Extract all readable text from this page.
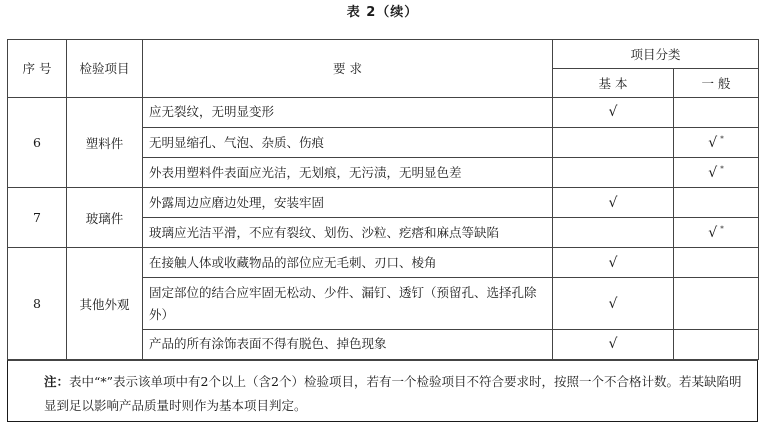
表 2（续）
序 号	检验项目	要 求	项目分类	
			基 本	一 般
6	塑料件	应无裂纹，无明显变形	√	
		无明显缩孔、气泡、杂质、伤痕		√ *
		外表用塑料件表面应光洁，无划痕，无污渍，无明显色差		√ *
7	玻璃件	外露周边应磨边处理，安装牢固	√	
		玻璃应光洁平滑，不应有裂纹、划伤、沙粒、疙瘩和麻点等缺陷		√ *
8	其他外观	在接触人体或收藏物品的部位应无毛刺、刃口、棱角	√	
		固定部位的结合应牢固无松动、少件、漏钉、透钉（预留孔、选择孔除外）	√	
		产品的所有涂饰表面不得有脱色、掉色现象	√	
注：表中“*”表示该单项中有2个以上（含2个）检验项目，若有一个检验项目不符合要求时，按照一个不合格计数。若某缺陷明显到足以影响产品质量时则作为基本项目判定。
